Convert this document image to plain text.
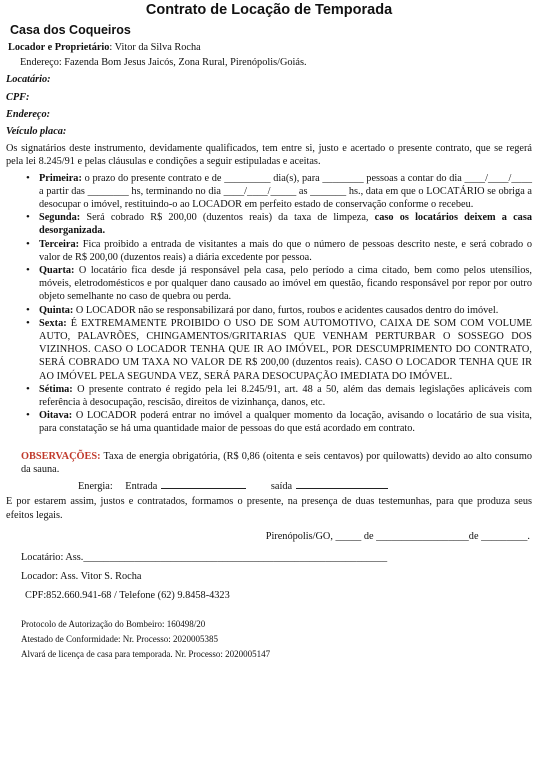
Contrato de Locação de Temporada
Casa dos Coqueiros
Locador e Proprietário: Vitor da Silva Rocha
Endereço: Fazenda Bom Jesus Jaicós, Zona Rural, Pirenópolis/Goiás.
Locatário:
CPF:
Endereço:
Veículo placa:
Os signatários deste instrumento, devidamente qualificados, tem entre si, justo e acertado o presente contrato, que se regerá pela lei 8.245/91 e pelas cláusulas e condições a seguir estipuladas e aceitas.
• Primeira: o prazo do presente contrato e de _________ dia(s), para ________ pessoas a contar do dia ____/____/____ a partir das ________ hs, terminando no dia ____/____/_____ as _______ hs., data em que o LOCATÁRIO se obriga a desocupar o imóvel, restituindo-o ao LOCADOR em perfeito estado de conservação conforme o recebeu.
• Segunda: Será cobrado R$ 200,00 (duzentos reais) da taxa de limpeza, caso os locatários deixem a casa desorganizada.
• Terceira: Fica proibido a entrada de visitantes a mais do que o número de pessoas descrito neste, e será cobrado o valor de R$ 200,00 (duzentos reais) a diária excedente por pessoa.
• Quarta: O locatário fica desde já responsável pela casa, pelo período a cima citado, bem como pelos utensílios, móveis, eletrodomésticos e por qualquer dano causado ao imóvel em questão, ficando responsável por repor por outro objeto semelhante no caso de quebra ou perda.
• Quinta: O LOCADOR não se responsabilizará por dano, furtos, roubos e acidentes causados dentro do imóvel.
• Sexta: É EXTREMAMENTE PROIBIDO O USO DE SOM AUTOMOTIVO, CAIXA DE SOM COM VOLUME AUTO, PALAVRÕES, CHINGAMENTOS/GRITARIAS QUE VENHAM PERTURBAR O SOSSEGO DOS VIZINHOS. CASO O LOCADOR TENHA QUE IR AO IMÓVEL, POR DESCUMPRIMENTO DO CONTRATO, SERÁ COBRADO UM TAXA NO VALOR DE R$ 200,00 (duzentos reais). CASO O LOCADOR TENHA QUE IR AO IMÓVEL PELA SEGUNDA VEZ, SERÁ PARA DESOCUPAÇÃO IMEDIATA DO IMÓVEL.
• Sétima: O presente contrato é regido pela lei 8.245/91, art. 48 a 50, além das demais legislações aplicáveis com referência à desocupação, rescisão, direitos de vizinhança, danos, etc.
• Oitava: O LOCADOR poderá entrar no imóvel a qualquer momento da locação, avisando o locatário de sua visita, para constatação se há uma quantidade maior de pessoas do que está acordado em contrato.
OBSERVAÇÕES: Taxa de energia obrigatória, (R$ 0,86 (oitenta e seis centavos) por quilowatts) devido ao alto consumo da sauna.
Energia: Entrada	saída
E por estarem assim, justos e contratados, formamos o presente, na presença de duas testemunhas, para que produza seus efeitos legais.
Pirenópolis/GO, _____ de __________________de _________.
Locatário: Ass.___________________________________________________________
Locador: Ass. Vitor S. Rocha
CPF:852.660.941-68 / Telefone (62) 9.8458-4323
Protocolo de Autorização do Bombeiro: 160498/20
Atestado de Conformidade: Nr. Processo: 2020005385
Alvará de licença de casa para temporada. Nr. Processo: 2020005147
